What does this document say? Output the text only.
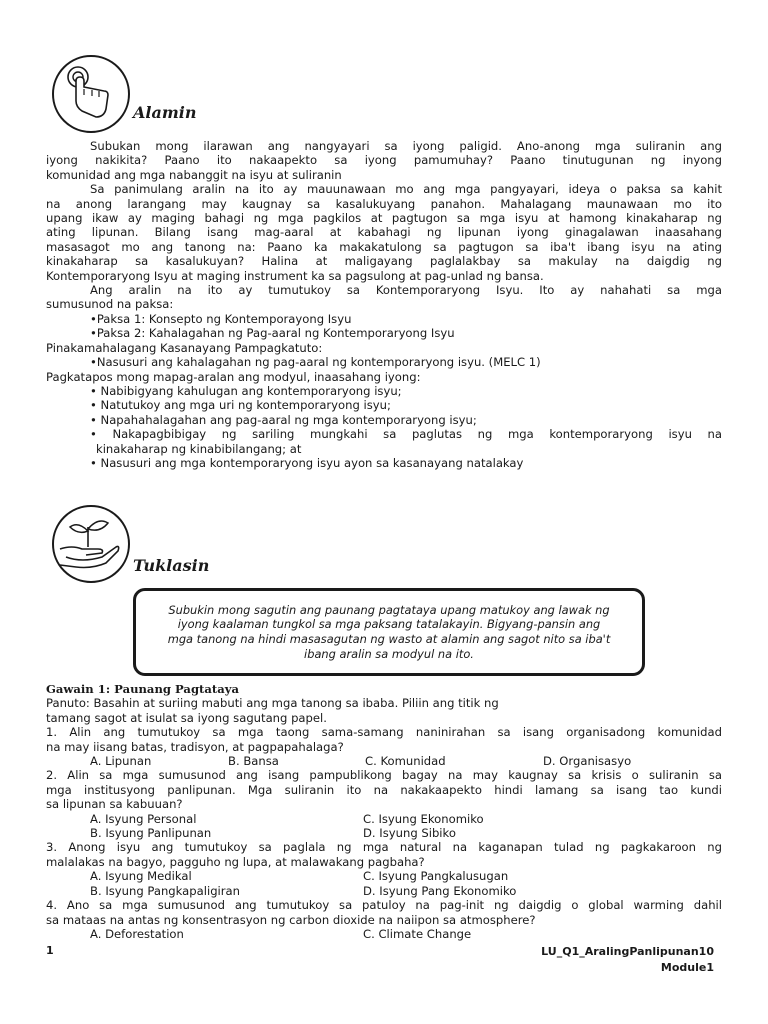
Alamin
Subukan mong ilarawan ang nangyayari sa iyong paligid. Ano-anong mga suliranin ang
iyong nakikita? Paano ito nakaapekto sa iyong pamumuhay? Paano tinutugunan ng inyong
komunidad ang mga nabanggit na isyu at suliranin
Sa panimulang aralin na ito ay mauunawaan mo ang mga pangyayari, ideya o paksa sa kahit
na anong larangang may kaugnay sa kasalukuyang panahon. Mahalagang maunawaan mo ito
upang ikaw ay maging bahagi ng mga pagkilos at pagtugon sa mga isyu at hamong kinakaharap ng
ating lipunan. Bilang isang mag-aaral at kabahagi ng lipunan iyong ginagalawan inaasahang
masasagot mo ang tanong na: Paano ka makakatulong sa pagtugon sa iba't ibang isyu na ating
kinakaharap sa kasalukuyan? Halina at maligayang paglalakbay sa makulay na daigdig ng
Kontemporaryong Isyu at maging instrument ka sa pagsulong at pag-unlad ng bansa.
Ang aralin na ito ay tumutukoy sa Kontemporaryong Isyu. Ito ay nahahati sa mga
sumusunod na paksa:
•Paksa 1: Konsepto ng Kontemporayong Isyu
•Paksa 2: Kahalagahan ng Pag-aaral ng Kontemporaryong Isyu
Pinakamahalagang Kasanayang Pampagkatuto:
•Nasusuri ang kahalagahan ng pag-aaral ng kontemporaryong isyu. (MELC 1)
Pagkatapos mong mapag-aralan ang modyul, inaasahang iyong:
• Nabibigyang kahulugan ang kontemporaryong isyu;
• Natutukoy ang mga uri ng kontemporaryong isyu;
• Napahahalagahan ang pag-aaral ng mga kontemporaryong isyu;
• Nakapagbibigay ng sariling mungkahi sa paglutas ng mga kontemporaryong isyu na
kinakaharap ng kinabibilangang; at
• Nasusuri ang mga kontemporaryong isyu ayon sa kasanayang natalakay
Tuklasin
Subukin mong sagutin ang paunang pagtataya upang matukoy ang lawak ng
iyong kaalaman tungkol sa mga paksang tatalakayin. Bigyang-pansin ang
mga tanong na hindi masasagutan ng wasto at alamin ang sagot nito sa iba't
ibang aralin sa modyul na ito.
Gawain 1: Paunang Pagtataya
Panuto: Basahin at suriing mabuti ang mga tanong sa ibaba. Piliin ang titik ng
tamang sagot at isulat sa iyong sagutang papel.
1. Alin ang tumutukoy sa mga taong sama-samang naninirahan sa isang organisadong komunidad
na may iisang batas, tradisyon, at pagpapahalaga?
A. Lipunan	B. Bansa	C. Komunidad	D. Organisasyo
2. Alin sa mga sumusunod ang isang pampublikong bagay na may kaugnay sa krisis o suliranin sa
mga institusyong panlipunan. Mga suliranin ito na nakakaapekto hindi lamang sa isang tao kundi
sa lipunan sa kabuuan?
A. Isyung Personal	C. Isyung Ekonomiko
B. Isyung Panlipunan	D. Isyung Sibiko
3. Anong isyu ang tumutukoy sa paglala ng mga natural na kaganapan tulad ng pagkakaroon ng
malalakas na bagyo, pagguho ng lupa, at malawakang pagbaha?
A. Isyung Medikal	C. Isyung Pangkalusugan
B. Isyung Pangkapaligiran	D. Isyung Pang Ekonomiko
4. Ano sa mga sumusunod ang tumutukoy sa patuloy na pag-init ng daigdig o global warming dahil
sa mataas na antas ng konsentrasyon ng carbon dioxide na naiipon sa atmosphere?
A. Deforestation	C. Climate Change
1	LU_Q1_AralingPanlipunan10
Module1
